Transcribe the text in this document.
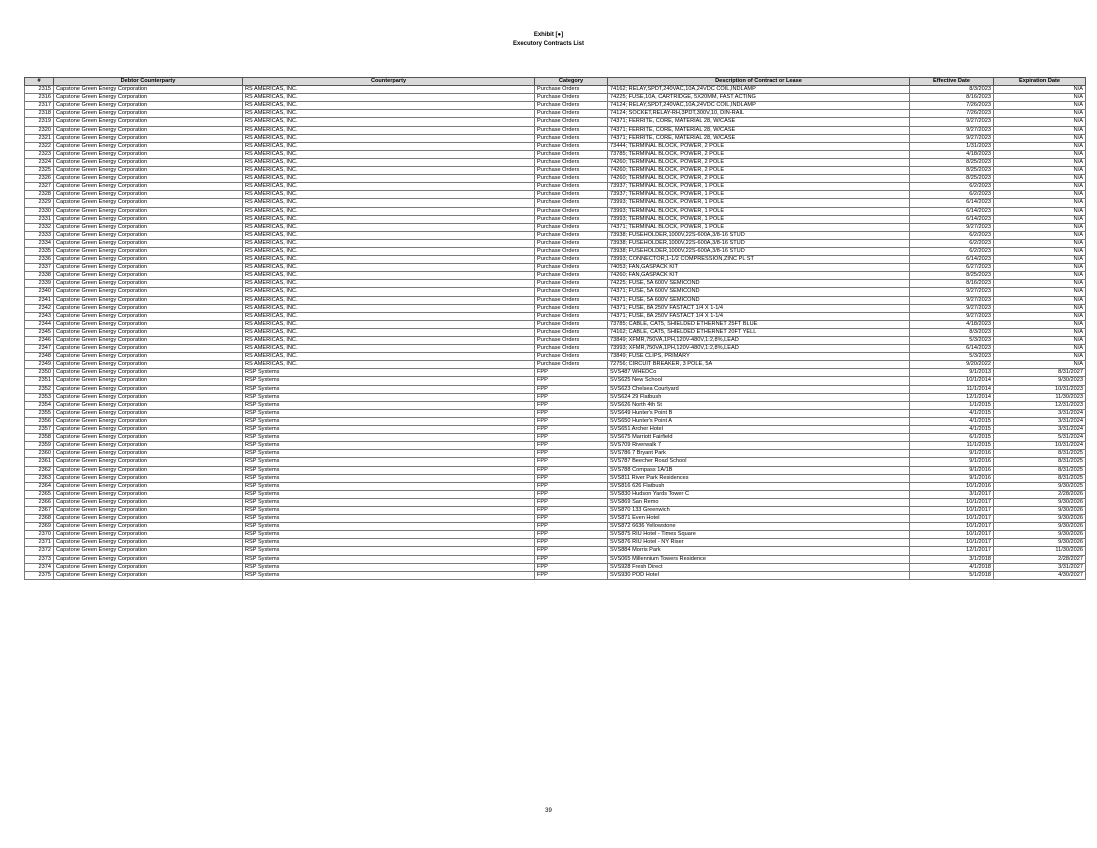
Exhibit [●]
Executory Contracts List
#	Debtor Counterparty	Counterparty	Category	Description of Contract or Lease	Effective Date	Expiration Date
2315	Capstone Green Energy Corporation	RS AMERICAS, INC.	Purchase Orders	74162; RELAY,SPDT,240VAC,10A,24VDC COIL,INDLAMP	8/3/2023	N/A
2316	Capstone Green Energy Corporation	RS AMERICAS, INC.	Purchase Orders	74225; FUSE,10A, CARTRIDGE, 5X20MM, FAST ACTING	8/16/2023	N/A
2317	Capstone Green Energy Corporation	RS AMERICAS, INC.	Purchase Orders	74124; RELAY,SPDT,240VAC,10A,24VDC COIL,INDLAMP	7/26/2023	N/A
2318	Capstone Green Energy Corporation	RS AMERICAS, INC.	Purchase Orders	74124; SOCKET,RELAY-RH,3PDT,300V,10, DIN-RAIL	7/26/2023	N/A
2319	Capstone Green Energy Corporation	RS AMERICAS, INC.	Purchase Orders	74371; FERRITE, CORE, MATERIAL 28, W/CASE	9/27/2023	N/A
2320	Capstone Green Energy Corporation	RS AMERICAS, INC.	Purchase Orders	74371; FERRITE, CORE, MATERIAL 28, W/CASE	9/27/2023	N/A
2321	Capstone Green Energy Corporation	RS AMERICAS, INC.	Purchase Orders	74371; FERRITE, CORE, MATERIAL 28, W/CASE	9/27/2023	N/A
2322	Capstone Green Energy Corporation	RS AMERICAS, INC.	Purchase Orders	73444; TERMINAL BLOCK, POWER, 2 POLE	1/31/2023	N/A
2323	Capstone Green Energy Corporation	RS AMERICAS, INC.	Purchase Orders	73785; TERMINAL BLOCK, POWER, 2 POLE	4/18/2023	N/A
2324	Capstone Green Energy Corporation	RS AMERICAS, INC.	Purchase Orders	74260; TERMINAL BLOCK, POWER, 2 POLE	8/25/2023	N/A
2325	Capstone Green Energy Corporation	RS AMERICAS, INC.	Purchase Orders	74260; TERMINAL BLOCK, POWER, 2 POLE	8/25/2023	N/A
2326	Capstone Green Energy Corporation	RS AMERICAS, INC.	Purchase Orders	74260; TERMINAL BLOCK, POWER, 2 POLE	8/25/2023	N/A
2327	Capstone Green Energy Corporation	RS AMERICAS, INC.	Purchase Orders	73937; TERMINAL BLOCK, POWER, 1 POLE	6/2/2023	N/A
2328	Capstone Green Energy Corporation	RS AMERICAS, INC.	Purchase Orders	73937; TERMINAL BLOCK, POWER, 1 POLE	6/2/2023	N/A
2329	Capstone Green Energy Corporation	RS AMERICAS, INC.	Purchase Orders	73993; TERMINAL BLOCK, POWER, 1 POLE	6/14/2023	N/A
2330	Capstone Green Energy Corporation	RS AMERICAS, INC.	Purchase Orders	73993; TERMINAL BLOCK, POWER, 1 POLE	6/14/2023	N/A
2331	Capstone Green Energy Corporation	RS AMERICAS, INC.	Purchase Orders	73993; TERMINAL BLOCK, POWER, 1 POLE	6/14/2023	N/A
2332	Capstone Green Energy Corporation	RS AMERICAS, INC.	Purchase Orders	74371; TERMINAL BLOCK, POWER, 1 POLE	9/27/2023	N/A
2333	Capstone Green Energy Corporation	RS AMERICAS, INC.	Purchase Orders	73938; FUSEHOLDER,1000V,22S-600A,3/8-16 STUD	6/2/2023	N/A
2334	Capstone Green Energy Corporation	RS AMERICAS, INC.	Purchase Orders	73938; FUSEHOLDER,1000V,22S-600A,3/8-16 STUD	6/2/2023	N/A
2335	Capstone Green Energy Corporation	RS AMERICAS, INC.	Purchase Orders	73938; FUSEHOLDER,1000V,22S-600A,3/8-16 STUD	6/2/2023	N/A
2336	Capstone Green Energy Corporation	RS AMERICAS, INC.	Purchase Orders	73993; CONNECTOR,1-1/2 COMPRESSION,ZINC PL ST	6/14/2023	N/A
2337	Capstone Green Energy Corporation	RS AMERICAS, INC.	Purchase Orders	74053; FAN,GASPACK KIT	6/27/2023	N/A
2338	Capstone Green Energy Corporation	RS AMERICAS, INC.	Purchase Orders	74260; FAN,GASPACK KIT	8/25/2023	N/A
2339	Capstone Green Energy Corporation	RS AMERICAS, INC.	Purchase Orders	74225; FUSE, 5A 600V SEMICOND	8/16/2023	N/A
2340	Capstone Green Energy Corporation	RS AMERICAS, INC.	Purchase Orders	74371; FUSE, 5A 600V SEMICOND	9/27/2023	N/A
2341	Capstone Green Energy Corporation	RS AMERICAS, INC.	Purchase Orders	74371; FUSE, 5A 600V SEMICOND	9/27/2023	N/A
2342	Capstone Green Energy Corporation	RS AMERICAS, INC.	Purchase Orders	74371; FUSE, 8A 250V FASTACT 1/4 X 1-1/4	9/27/2023	N/A
2343	Capstone Green Energy Corporation	RS AMERICAS, INC.	Purchase Orders	74371; FUSE, 8A 250V FASTACT 1/4 X 1-1/4	9/27/2023	N/A
2344	Capstone Green Energy Corporation	RS AMERICAS, INC.	Purchase Orders	73785; CABLE, CAT5, SHIELDED ETHERNET 25FT BLUE	4/18/2023	N/A
2345	Capstone Green Energy Corporation	RS AMERICAS, INC.	Purchase Orders	74162; CABLE, CAT5, SHIELDED ETHERNET 20FT YELL	8/3/2023	N/A
2346	Capstone Green Energy Corporation	RS AMERICAS, INC.	Purchase Orders	73849; XFMR,750VA,1PH,120V-480V,1:2,8%,LEAD	5/3/2023	N/A
2347	Capstone Green Energy Corporation	RS AMERICAS, INC.	Purchase Orders	73993; XFMR,750VA,1PH,120V-480V,1:2,8%,LEAD	6/14/2023	N/A
2348	Capstone Green Energy Corporation	RS AMERICAS, INC.	Purchase Orders	73849; FUSE CLIPS, PRIMARY	5/3/2023	N/A
2349	Capstone Green Energy Corporation	RS AMERICAS, INC.	Purchase Orders	72756; CIRCUIT BREAKER, 3 POLE, 5A	9/20/2022	N/A
2350	Capstone Green Energy Corporation	RSP Systems	FPP	SVS487 WHEDCo	9/1/2013	8/31/2027
2351	Capstone Green Energy Corporation	RSP Systems	FPP	SVS625 New School	10/1/2014	9/30/2023
2352	Capstone Green Energy Corporation	RSP Systems	FPP	SVS623 Chelsea Courtyard	11/1/2014	10/31/2023
2353	Capstone Green Energy Corporation	RSP Systems	FPP	SVS624 29 Flatbush	12/1/2014	11/30/2023
2354	Capstone Green Energy Corporation	RSP Systems	FPP	SVS626 North 4th St	1/1/2015	12/31/2023
2355	Capstone Green Energy Corporation	RSP Systems	FPP	SVS649 Hunter's Point B	4/1/2015	3/31/2024
2356	Capstone Green Energy Corporation	RSP Systems	FPP	SVS650 Hunter's Point A	4/1/2015	3/31/2024
2357	Capstone Green Energy Corporation	RSP Systems	FPP	SVS651 Archer Hotel	4/1/2015	3/31/2024
2358	Capstone Green Energy Corporation	RSP Systems	FPP	SVS675 Marriott Fairfield	6/1/2015	5/31/2024
2359	Capstone Green Energy Corporation	RSP Systems	FPP	SVS709 Riverwalk 7	11/1/2015	10/31/2024
2360	Capstone Green Energy Corporation	RSP Systems	FPP	SVS786 7 Bryant Park	9/1/2016	8/31/2025
2361	Capstone Green Energy Corporation	RSP Systems	FPP	SVS787 Beecher Road School	9/1/2016	8/31/2025
2362	Capstone Green Energy Corporation	RSP Systems	FPP	SVS788 Compass 1A/1B	9/1/2016	8/31/2025
2363	Capstone Green Energy Corporation	RSP Systems	FPP	SVS811 River Park Residences	9/1/2016	8/31/2025
2364	Capstone Green Energy Corporation	RSP Systems	FPP	SVS816 626 Flatbush	10/1/2016	9/30/2025
2365	Capstone Green Energy Corporation	RSP Systems	FPP	SVS830 Hudson Yards Tower C	3/1/2017	2/28/2026
2366	Capstone Green Energy Corporation	RSP Systems	FPP	SVS869 San Remo	10/1/2017	9/30/2026
2367	Capstone Green Energy Corporation	RSP Systems	FPP	SVS870 133 Greenwich	10/1/2017	9/30/2026
2368	Capstone Green Energy Corporation	RSP Systems	FPP	SVS871 Even Hotel	10/1/2017	9/30/2026
2369	Capstone Green Energy Corporation	RSP Systems	FPP	SVS872 6636 Yellowstone	10/1/2017	9/30/2026
2370	Capstone Green Energy Corporation	RSP Systems	FPP	SVS875 RIU Hotel - Times Square	10/1/2017	9/30/2026
2371	Capstone Green Energy Corporation	RSP Systems	FPP	SVS876 RIU Hotel - NY Riser	10/1/2017	9/30/2026
2372	Capstone Green Energy Corporation	RSP Systems	FPP	SVS884 Morris Park	12/1/2017	11/30/2026
2373	Capstone Green Energy Corporation	RSP Systems	FPP	SVS065 Millennium Towers Residence	3/1/2018	2/28/2027
2374	Capstone Green Energy Corporation	RSP Systems	FPP	SVS928 Fresh Direct	4/1/2018	3/31/2027
2375	Capstone Green Energy Corporation	RSP Systems	FPP	SVS930 POD Hotel	5/1/2018	4/30/2027
39
